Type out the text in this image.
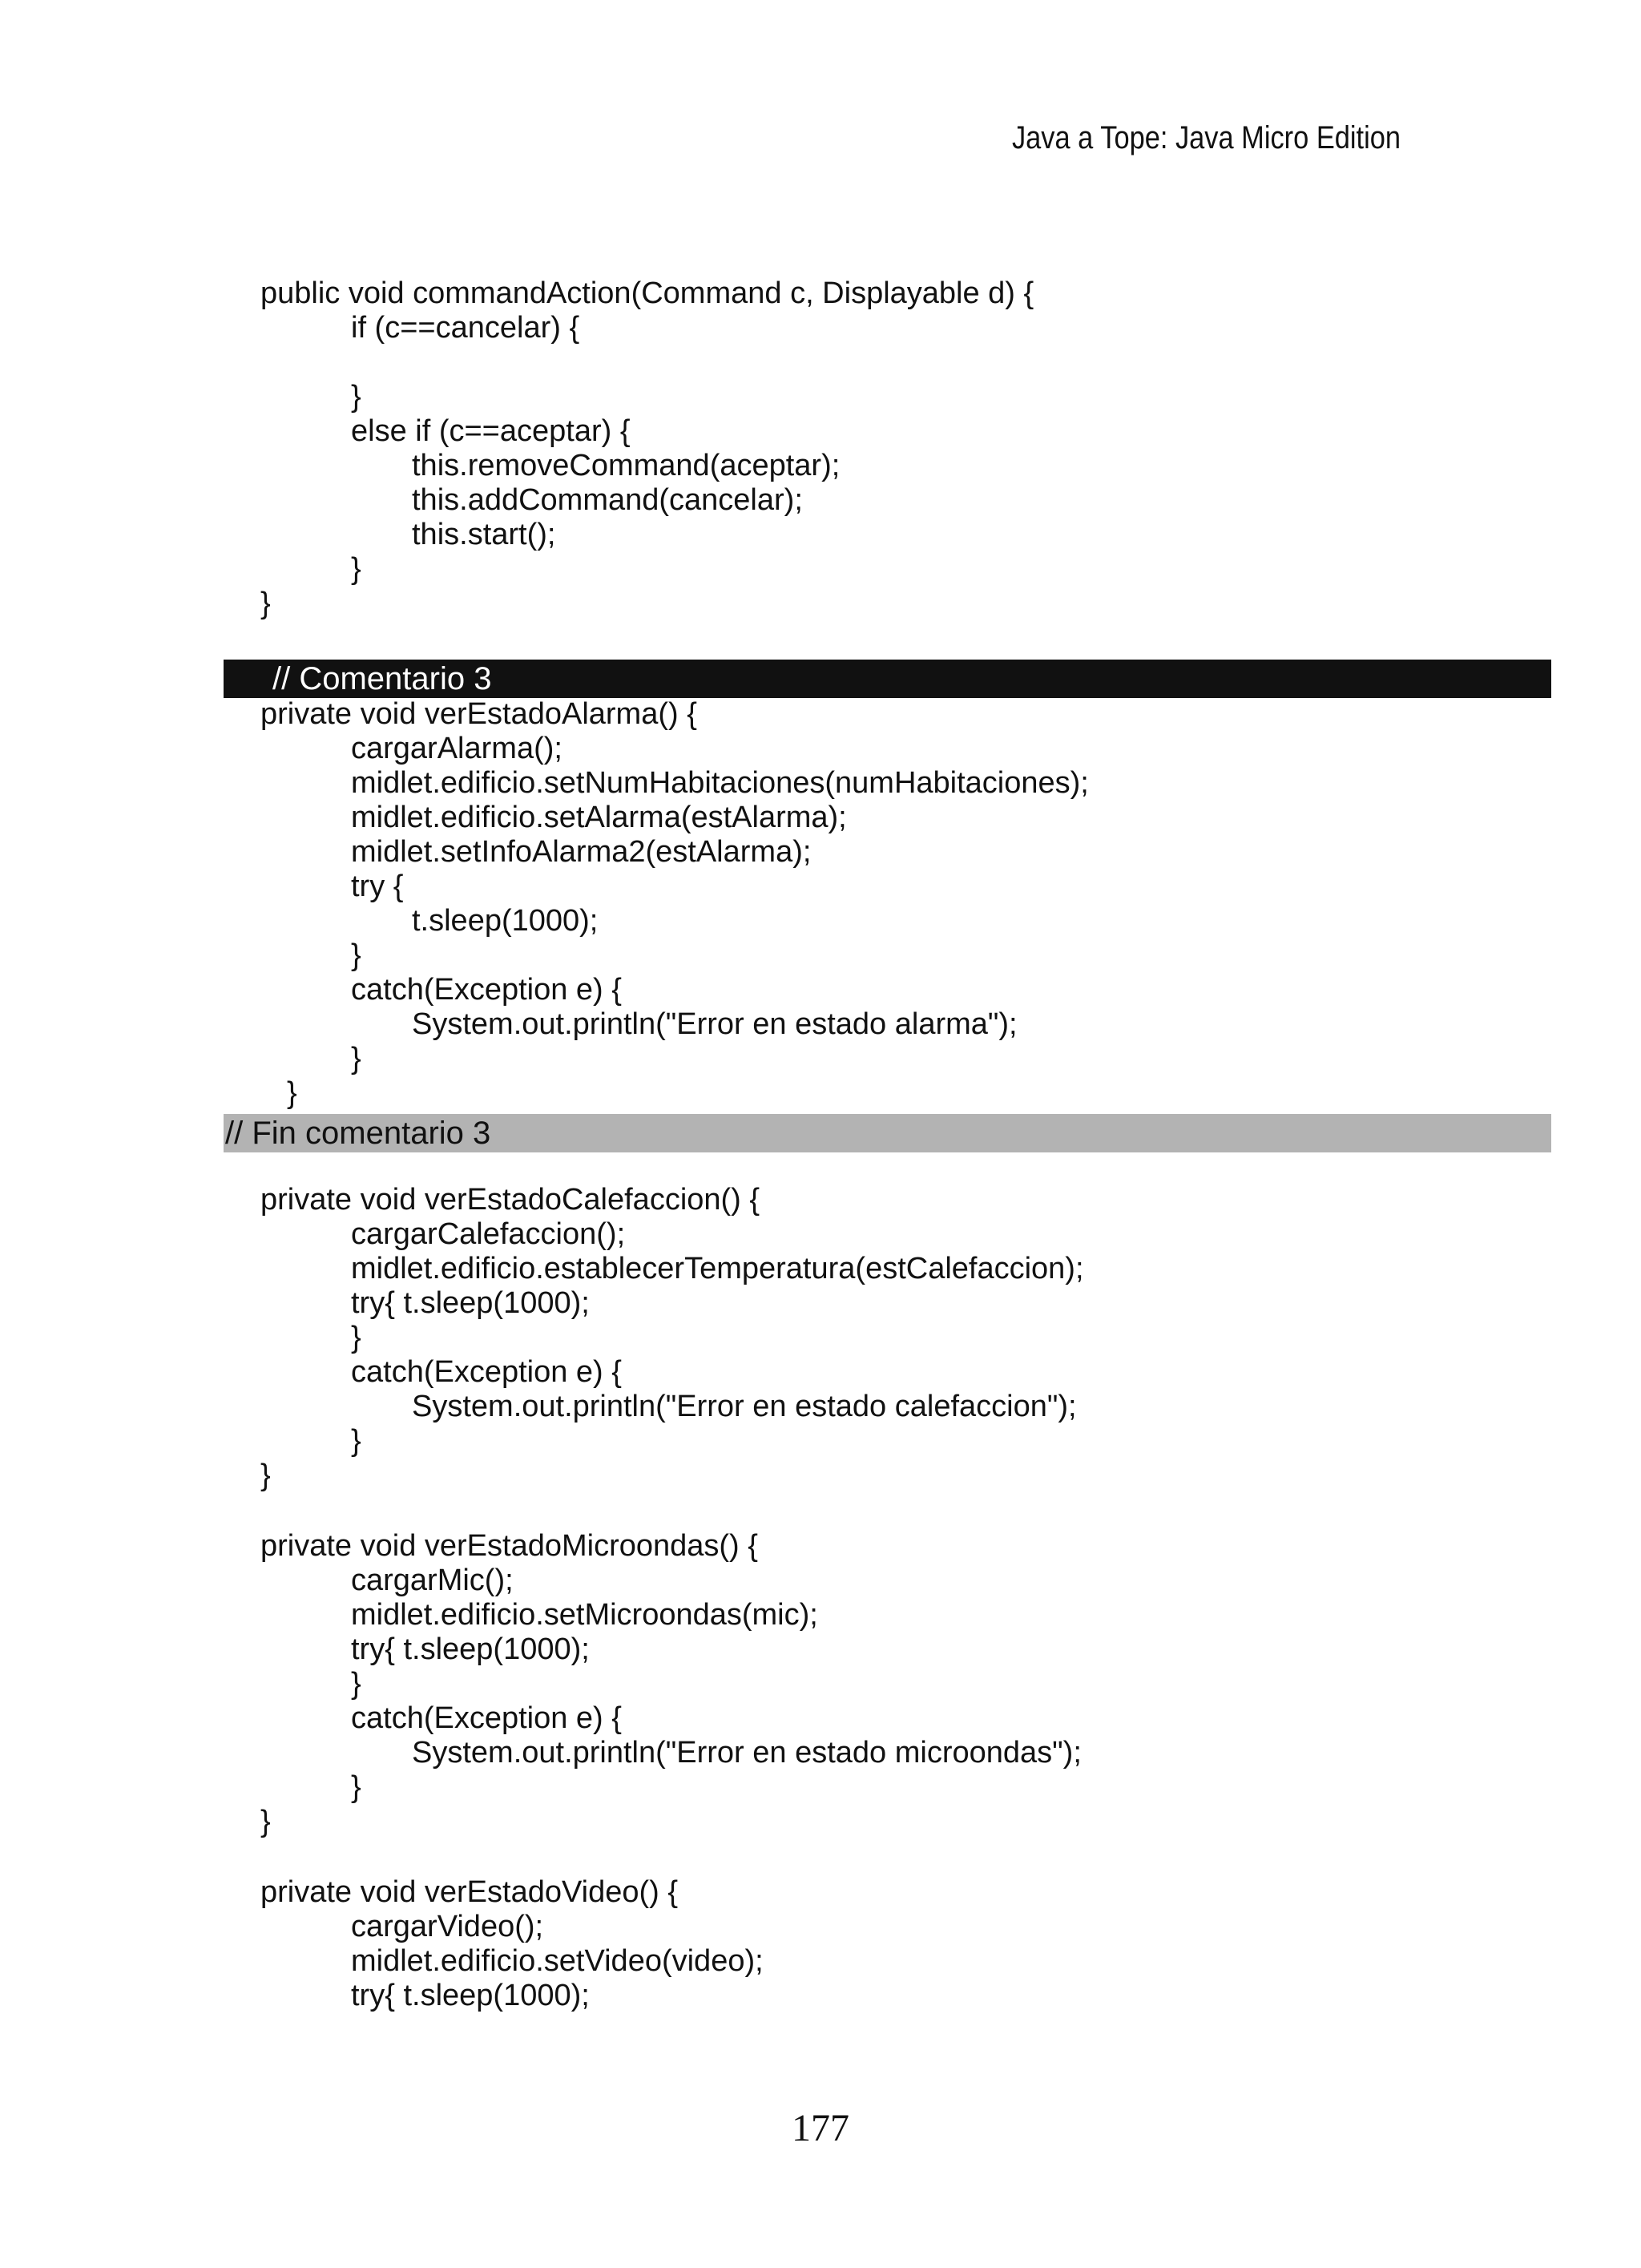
Java a Tope: Java Micro Edition
public void commandAction(Command c, Displayable d) {
if (c==cancelar) {
}
else if (c==aceptar) {
this.removeCommand(aceptar);
this.addCommand(cancelar);
this.start();
}
}
// Comentario 3
private void verEstadoAlarma() {
cargarAlarma();
midlet.edificio.setNumHabitaciones(numHabitaciones);
midlet.edificio.setAlarma(estAlarma);
midlet.setInfoAlarma2(estAlarma);
try {
t.sleep(1000);
}
catch(Exception e) {
System.out.println("Error en estado alarma");
}
}
// Fin comentario 3
private void verEstadoCalefaccion() {
cargarCalefaccion();
midlet.edificio.establecerTemperatura(estCalefaccion);
try{ t.sleep(1000);
}
catch(Exception e) {
System.out.println("Error en estado calefaccion");
}
}
private void verEstadoMicroondas() {
cargarMic();
midlet.edificio.setMicroondas(mic);
try{ t.sleep(1000);
}
catch(Exception e) {
System.out.println("Error en estado microondas");
}
}
private void verEstadoVideo() {
cargarVideo();
midlet.edificio.setVideo(video);
try{ t.sleep(1000);
177
